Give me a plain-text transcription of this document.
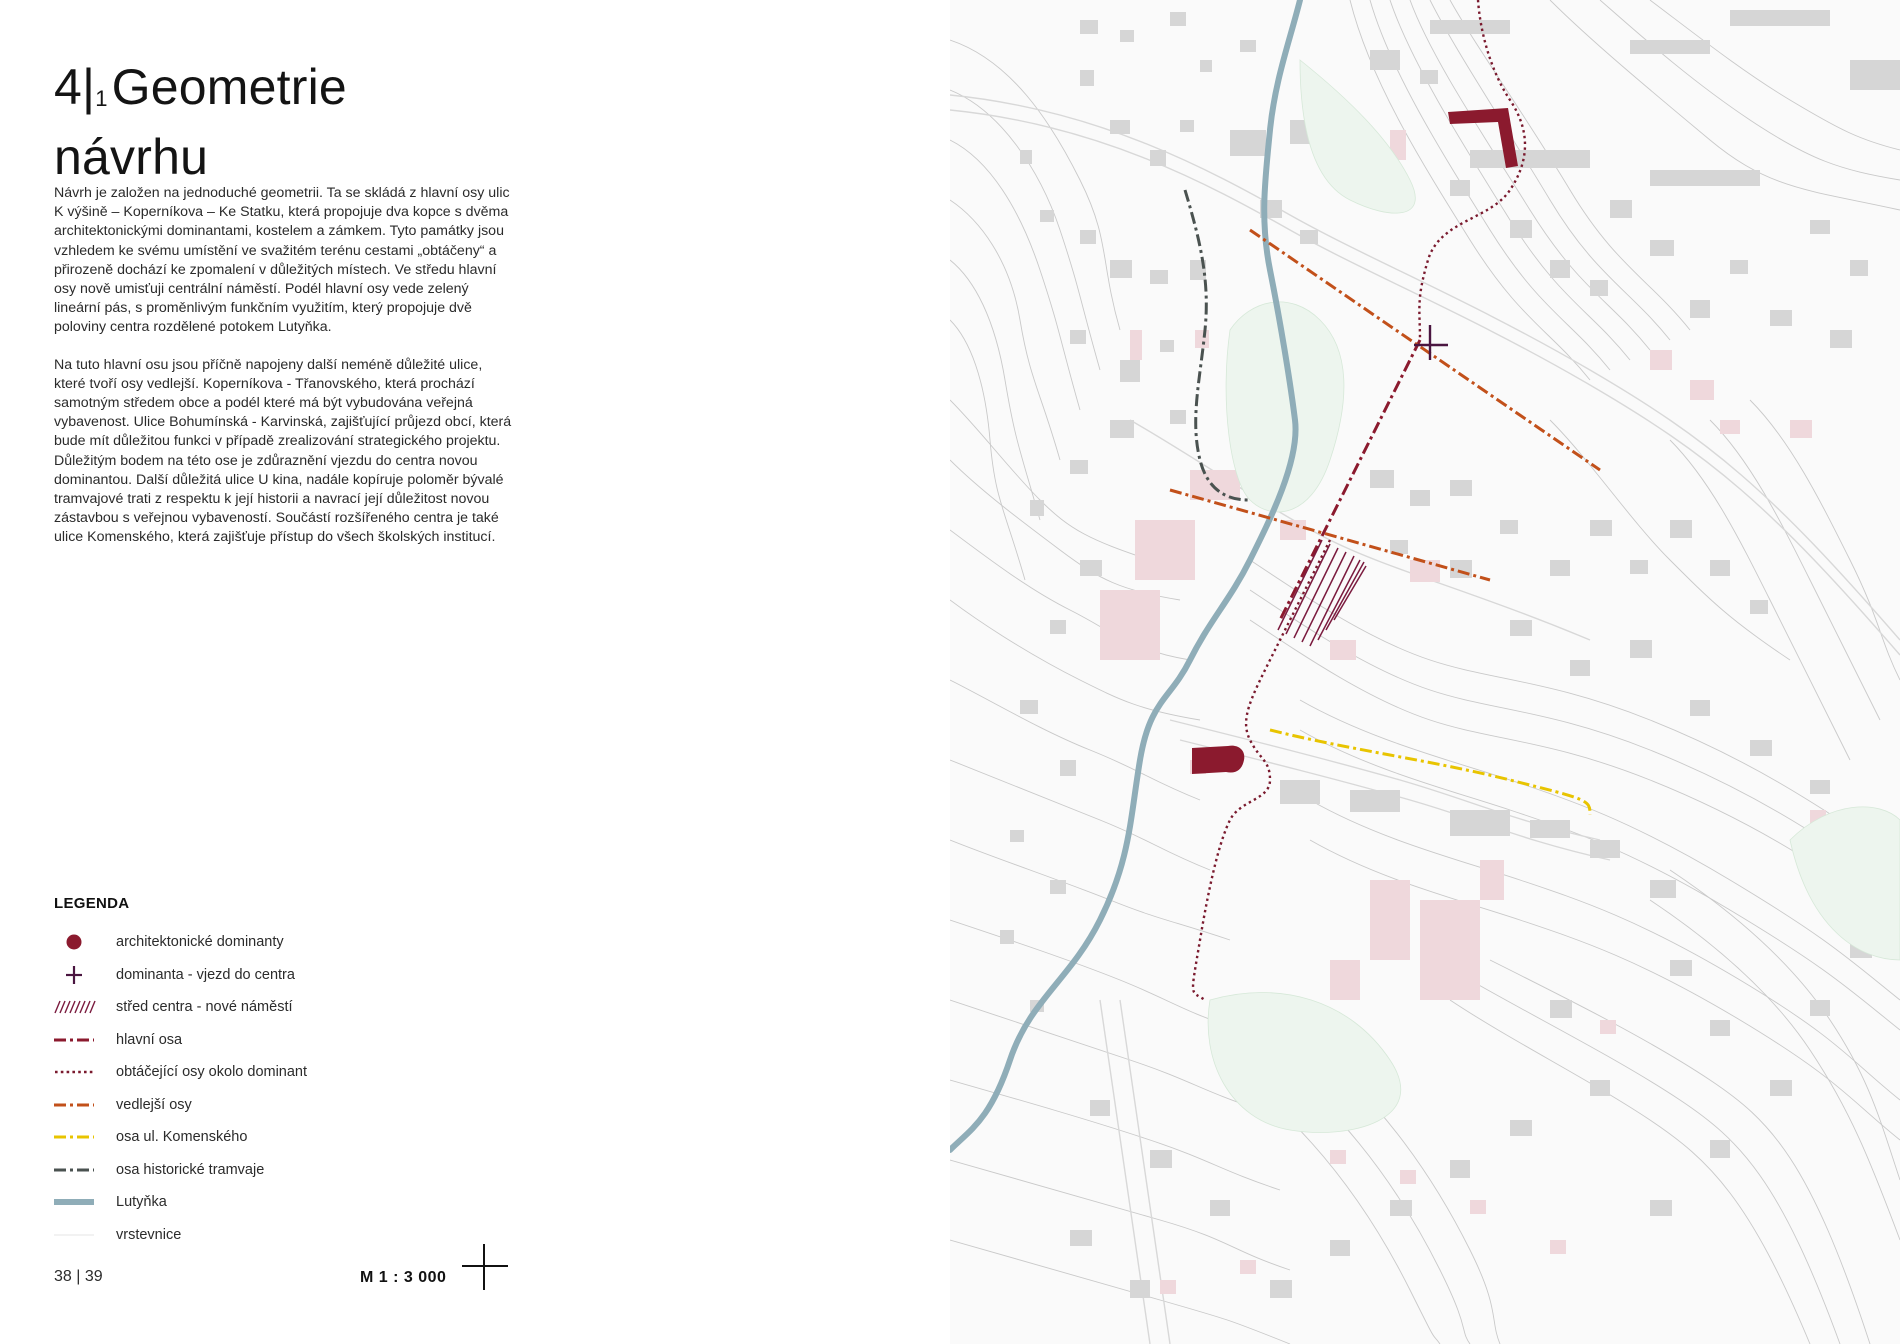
4|1Geometrie
návrhu

Návrh je založen na jednoduché geometrii. Ta se skládá z hlavní osy ulic K výšině – Koperníkova – Ke Statku, která propojuje dva kopce s dvěma architektonickými dominantami, kostelem a zámkem. Tyto památky jsou vzhledem ke svému umístění ve svažitém terénu cestami „obtáčeny“ a přirozeně dochází ke zpomalení v důležitých místech. Ve středu hlavní osy nově umisťuji centrální náměstí. Podél hlavní osy vede zelený lineární pás, s proměnlivým funkčním využitím, který propojuje dvě poloviny centra rozdělené potokem Lutyňka.

Na tuto hlavní osu jsou příčně napojeny další neméně důležité ulice, které tvoří osy vedlejší. Koperníkova - Třanovského, která prochází samotným středem obce a podél které má být vybudována veřejná vybavenost. Ulice Bohumínská - Karvinská, zajišťující průjezd obcí, která bude mít důležitou funkci v případě zrealizování strategického projektu. Důležitým bodem na této ose je zdůraznění vjezdu do centra novou dominantou. Další důležitá ulice U kina, nadále kopíruje poloměr bývalé tramvajové trati z respektu k její historii a navrací její důležitost novou zástavbou s veřejnou vybaveností. Součástí rozšířeného centra je také ulice Komenského, která zajišťuje přístup do všech školských institucí.

LEGENDA
architektonické dominanty
dominanta - vjezd do centra
střed centra - nové náměstí
hlavní osa
obtáčející osy okolo dominant
vedlejší osy
osa ul. Komenského
osa historické tramvaje
Lutyňka
vrstevnice
38 | 39	M 1 : 3 000
